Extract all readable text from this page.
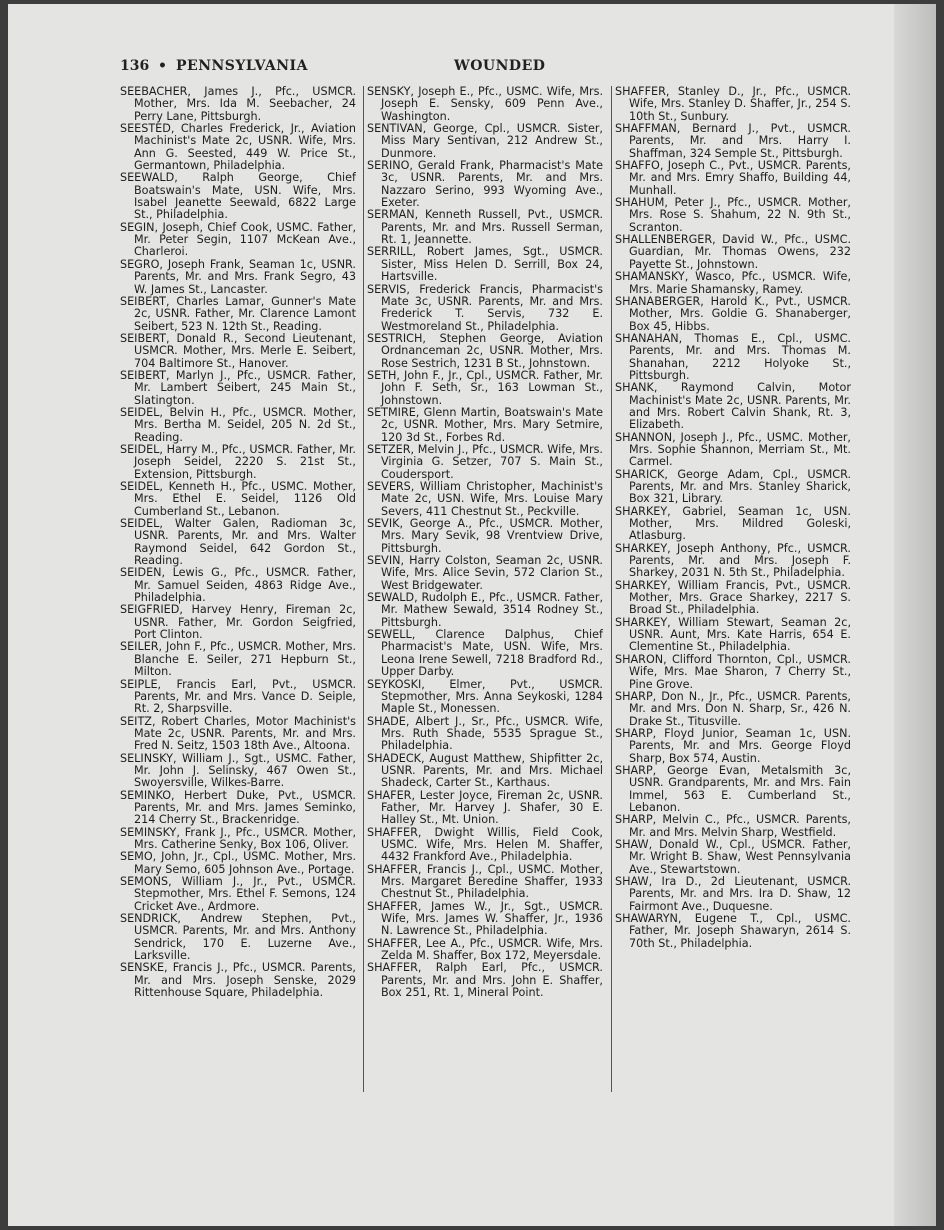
136 • PENNSYLVANIA	WOUNDED

SEEBACHER, James J., Pfc., USMCR. Mother, Mrs. Ida M. Seebacher, 24 Perry Lane, Pittsburgh.

SEESTED, Charles Frederick, Jr., Aviation Machinist's Mate 2c, USNR. Wife, Mrs. Ann G. Seested, 449 W. Price St., Germantown, Philadelphia.

SEEWALD, Ralph George, Chief Boatswain's Mate, USN. Wife, Mrs. Isabel Jeanette Seewald, 6822 Large St., Philadelphia.

SEGIN, Joseph, Chief Cook, USMC. Father, Mr. Peter Segin, 1107 McKean Ave., Charleroi.

SEGRO, Joseph Frank, Seaman 1c, USNR. Parents, Mr. and Mrs. Frank Segro, 43 W. James St., Lancaster.

SEIBERT, Charles Lamar, Gunner's Mate 2c, USNR. Father, Mr. Clarence Lamont Seibert, 523 N. 12th St., Reading.

SEIBERT, Donald R., Second Lieutenant, USMCR. Mother, Mrs. Merle E. Seibert, 704 Baltimore St., Hanover.

SEIBERT, Marlyn J., Pfc., USMCR. Father, Mr. Lambert Seibert, 245 Main St., Slatington.

SEIDEL, Belvin H., Pfc., USMCR. Mother, Mrs. Bertha M. Seidel, 205 N. 2d St., Reading.

SEIDEL, Harry M., Pfc., USMCR. Father, Mr. Joseph Seidel, 2220 S. 21st St., Extension, Pittsburgh.

SEIDEL, Kenneth H., Pfc., USMC. Mother, Mrs. Ethel E. Seidel, 1126 Old Cumberland St., Lebanon.

SEIDEL, Walter Galen, Radioman 3c, USNR. Parents, Mr. and Mrs. Walter Raymond Seidel, 642 Gordon St., Reading.

SEIDEN, Lewis G., Pfc., USMCR. Father, Mr. Samuel Seiden, 4863 Ridge Ave., Philadelphia.

SEIGFRIED, Harvey Henry, Fireman 2c, USNR. Father, Mr. Gordon Seigfried, Port Clinton.

SEILER, John F., Pfc., USMCR. Mother, Mrs. Blanche E. Seiler, 271 Hepburn St., Milton.

SEIPLE, Francis Earl, Pvt., USMCR. Parents, Mr. and Mrs. Vance D. Seiple, Rt. 2, Sharpsville.

SEITZ, Robert Charles, Motor Machinist's Mate 2c, USNR. Parents, Mr. and Mrs. Fred N. Seitz, 1503 18th Ave., Altoona.

SELINSKY, William J., Sgt., USMC. Father, Mr. John J. Selinsky, 467 Owen St., Swoyersville, Wilkes-Barre.

SEMINKO, Herbert Duke, Pvt., USMCR. Parents, Mr. and Mrs. James Seminko, 214 Cherry St., Brackenridge.

SEMINSKY, Frank J., Pfc., USMCR. Mother, Mrs. Catherine Senky, Box 106, Oliver.

SEMO, John, Jr., Cpl., USMC. Mother, Mrs. Mary Semo, 605 Johnson Ave., Portage.

SEMONS, William J., Jr., Pvt., USMCR. Stepmother, Mrs. Ethel F. Semons, 124 Cricket Ave., Ardmore.

SENDRICK, Andrew Stephen, Pvt., USMCR. Parents, Mr. and Mrs. Anthony Sendrick, 170 E. Luzerne Ave., Larksville.

SENSKE, Francis J., Pfc., USMCR. Parents, Mr. and Mrs. Joseph Senske, 2029 Rittenhouse Square, Philadelphia.

SENSKY, Joseph E., Pfc., USMC. Wife, Mrs. Joseph E. Sensky, 609 Penn Ave., Washington.

SENTIVAN, George, Cpl., USMCR. Sister, Miss Mary Sentivan, 212 Andrew St., Dunmore.

SERINO, Gerald Frank, Pharmacist's Mate 3c, USNR. Parents, Mr. and Mrs. Nazzaro Serino, 993 Wyoming Ave., Exeter.

SERMAN, Kenneth Russell, Pvt., USMCR. Parents, Mr. and Mrs. Russell Serman, Rt. 1, Jeannette.

SERRILL, Robert James, Sgt., USMCR. Sister, Miss Helen D. Serrill, Box 24, Hartsville.

SERVIS, Frederick Francis, Pharmacist's Mate 3c, USNR. Parents, Mr. and Mrs. Frederick T. Servis, 732 E. Westmoreland St., Philadelphia.

SESTRICH, Stephen George, Aviation Ordnanceman 2c, USNR. Mother, Mrs. Rose Sestrich, 1231 B St., Johnstown.

SETH, John F., Jr., Cpl., USMCR. Father, Mr. John F. Seth, Sr., 163 Lowman St., Johnstown.

SETMIRE, Glenn Martin, Boatswain's Mate 2c, USNR. Mother, Mrs. Mary Setmire, 120 3d St., Forbes Rd.

SETZER, Melvin J., Pfc., USMCR. Wife, Mrs. Virginia G. Setzer, 707 S. Main St., Coudersport.

SEVERS, William Christopher, Machinist's Mate 2c, USN. Wife, Mrs. Louise Mary Severs, 411 Chestnut St., Peckville.

SEVIK, George A., Pfc., USMCR. Mother, Mrs. Mary Sevik, 98 Vrentview Drive, Pittsburgh.

SEVIN, Harry Colston, Seaman 2c, USNR. Wife, Mrs. Alice Sevin, 572 Clarion St., West Bridgewater.

SEWALD, Rudolph E., Pfc., USMCR. Father, Mr. Mathew Sewald, 3514 Rodney St., Pittsburgh.

SEWELL, Clarence Dalphus, Chief Pharmacist's Mate, USN. Wife, Mrs. Leona Irene Sewell, 7218 Bradford Rd., Upper Darby.

SEYKOSKI, Elmer, Pvt., USMCR. Stepmother, Mrs. Anna Seykoski, 1284 Maple St., Monessen.

SHADE, Albert J., Sr., Pfc., USMCR. Wife, Mrs. Ruth Shade, 5535 Sprague St., Philadelphia.

SHADECK, August Matthew, Shipfitter 2c, USNR. Parents, Mr. and Mrs. Michael Shadeck, Carter St., Karthaus.

SHAFER, Lester Joyce, Fireman 2c, USNR. Father, Mr. Harvey J. Shafer, 30 E. Halley St., Mt. Union.

SHAFFER, Dwight Willis, Field Cook, USMC. Wife, Mrs. Helen M. Shaffer, 4432 Frankford Ave., Philadelphia.

SHAFFER, Francis J., Cpl., USMC. Mother, Mrs. Margaret Beredine Shaffer, 1933 Chestnut St., Philadelphia.

SHAFFER, James W., Jr., Sgt., USMCR. Wife, Mrs. James W. Shaffer, Jr., 1936 N. Lawrence St., Philadelphia.

SHAFFER, Lee A., Pfc., USMCR. Wife, Mrs. Zelda M. Shaffer, Box 172, Meyersdale.

SHAFFER, Ralph Earl, Pfc., USMCR. Parents, Mr. and Mrs. John E. Shaffer, Box 251, Rt. 1, Mineral Point.

SHAFFER, Stanley D., Jr., Pfc., USMCR. Wife, Mrs. Stanley D. Shaffer, Jr., 254 S. 10th St., Sunbury.

SHAFFMAN, Bernard J., Pvt., USMCR. Parents, Mr. and Mrs. Harry I. Shaffman, 324 Semple St., Pittsburgh.

SHAFFO, Joseph C., Pvt., USMCR. Parents, Mr. and Mrs. Emry Shaffo, Building 44, Munhall.

SHAHUM, Peter J., Pfc., USMCR. Mother, Mrs. Rose S. Shahum, 22 N. 9th St., Scranton.

SHALLENBERGER, David W., Pfc., USMC. Guardian, Mr. Thomas Owens, 232 Payette St., Johnstown.

SHAMANSKY, Wasco, Pfc., USMCR. Wife, Mrs. Marie Shamansky, Ramey.

SHANABERGER, Harold K., Pvt., USMCR. Mother, Mrs. Goldie G. Shanaberger, Box 45, Hibbs.

SHANAHAN, Thomas E., Cpl., USMC. Parents, Mr. and Mrs. Thomas M. Shanahan, 2212 Holyoke St., Pittsburgh.

SHANK, Raymond Calvin, Motor Machinist's Mate 2c, USNR. Parents, Mr. and Mrs. Robert Calvin Shank, Rt. 3, Elizabeth.

SHANNON, Joseph J., Pfc., USMC. Mother, Mrs. Sophie Shannon, Merriam St., Mt. Carmel.

SHARICK, George Adam, Cpl., USMCR. Parents, Mr. and Mrs. Stanley Sharick, Box 321, Library.

SHARKEY, Gabriel, Seaman 1c, USN. Mother, Mrs. Mildred Goleski, Atlasburg.

SHARKEY, Joseph Anthony, Pfc., USMCR. Parents, Mr. and Mrs. Joseph F. Sharkey, 2031 N. 5th St., Philadelphia.

SHARKEY, William Francis, Pvt., USMCR. Mother, Mrs. Grace Sharkey, 2217 S. Broad St., Philadelphia.

SHARKEY, William Stewart, Seaman 2c, USNR. Aunt, Mrs. Kate Harris, 654 E. Clementine St., Philadelphia.

SHARON, Clifford Thornton, Cpl., USMCR. Wife, Mrs. Mae Sharon, 7 Cherry St., Pine Grove.

SHARP, Don N., Jr., Pfc., USMCR. Parents, Mr. and Mrs. Don N. Sharp, Sr., 426 N. Drake St., Titusville.

SHARP, Floyd Junior, Seaman 1c, USN. Parents, Mr. and Mrs. George Floyd Sharp, Box 574, Austin.

SHARP, George Evan, Metalsmith 3c, USNR. Grandparents, Mr. and Mrs. Fain Immel, 563 E. Cumberland St., Lebanon.

SHARP, Melvin C., Pfc., USMCR. Parents, Mr. and Mrs. Melvin Sharp, Westfield.

SHAW, Donald W., Cpl., USMCR. Father, Mr. Wright B. Shaw, West Pennsylvania Ave., Stewartstown.

SHAW, Ira D., 2d Lieutenant, USMCR. Parents, Mr. and Mrs. Ira D. Shaw, 12 Fairmont Ave., Duquesne.

SHAWARYN, Eugene T., Cpl., USMC. Father, Mr. Joseph Shawaryn, 2614 S. 70th St., Philadelphia.
